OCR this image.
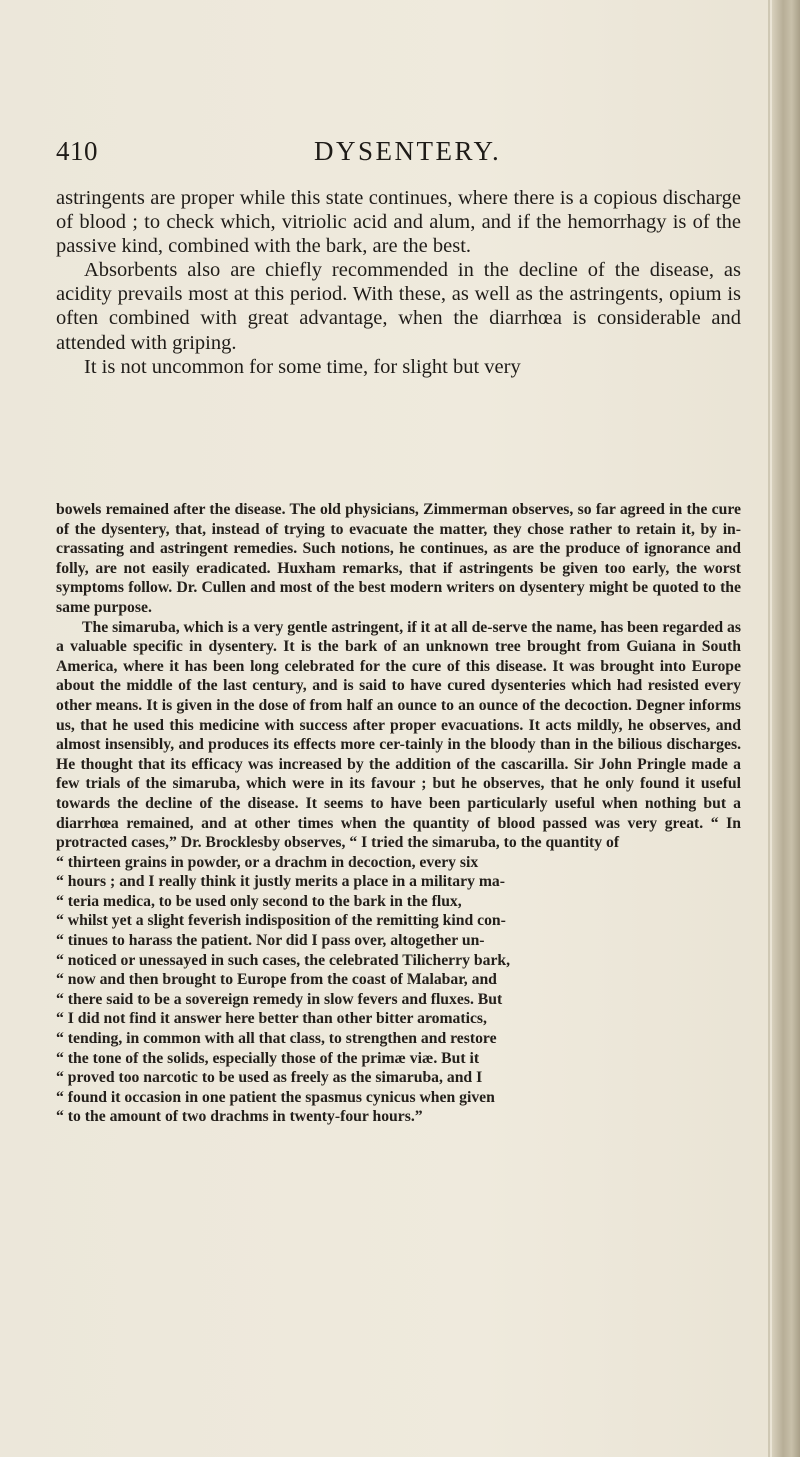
410	DYSENTERY.

astringents are proper while this state continues, where there is a copious discharge of blood ; to check which, vitriolic acid and alum, and if the hemorrhagy is of the passive kind, combined with the bark, are the best.

Absorbents also are chiefly recommended in the decline of the disease, as acidity prevails most at this period. With these, as well as the astringents, opium is often combined with great advantage, when the diarrhœa is considerable and attended with griping.

It is not uncommon for some time, for slight but very

bowels remained after the disease. The old physicians, Zimmerman observes, so far agreed in the cure of the dysentery, that, instead of trying to evacuate the matter, they chose rather to retain it, by in-crassating and astringent remedies. Such notions, he continues, as are the produce of ignorance and folly, are not easily eradicated. Huxham remarks, that if astringents be given too early, the worst symptoms follow. Dr. Cullen and most of the best modern writers on dysentery might be quoted to the same purpose.

The simaruba, which is a very gentle astringent, if it at all de-serve the name, has been regarded as a valuable specific in dysentery. It is the bark of an unknown tree brought from Guiana in South America, where it has been long celebrated for the cure of this disease. It was brought into Europe about the middle of the last century, and is said to have cured dysenteries which had resisted every other means. It is given in the dose of from half an ounce to an ounce of the decoction. Degner informs us, that he used this medicine with success after proper evacuations. It acts mildly, he observes, and almost insensibly, and produces its effects more cer-tainly in the bloody than in the bilious discharges. He thought that its efficacy was increased by the addition of the cascarilla. Sir John Pringle made a few trials of the simaruba, which were in its favour ; but he observes, that he only found it useful towards the decline of the disease. It seems to have been particularly useful when nothing but a diarrhœa remained, and at other times when the quantity of blood passed was very great. “ In protracted cases,” Dr. Brocklesby observes, “ I tried the simaruba, to the quantity of
“ thirteen grains in powder, or a drachm in decoction, every six
“ hours ; and I really think it justly merits a place in a military ma-
“ teria medica, to be used only second to the bark in the flux,
“ whilst yet a slight feverish indisposition of the remitting kind con-
“ tinues to harass the patient. Nor did I pass over, altogether un-
“ noticed or unessayed in such cases, the celebrated Tilicherry bark,
“ now and then brought to Europe from the coast of Malabar, and
“ there said to be a sovereign remedy in slow fevers and fluxes. But
“ I did not find it answer here better than other bitter aromatics,
“ tending, in common with all that class, to strengthen and restore
“ the tone of the solids, especially those of the primæ viæ. But it
“ proved too narcotic to be used as freely as the simaruba, and I
“ found it occasion in one patient the spasmus cynicus when given
“ to the amount of two drachms in twenty-four hours.”
